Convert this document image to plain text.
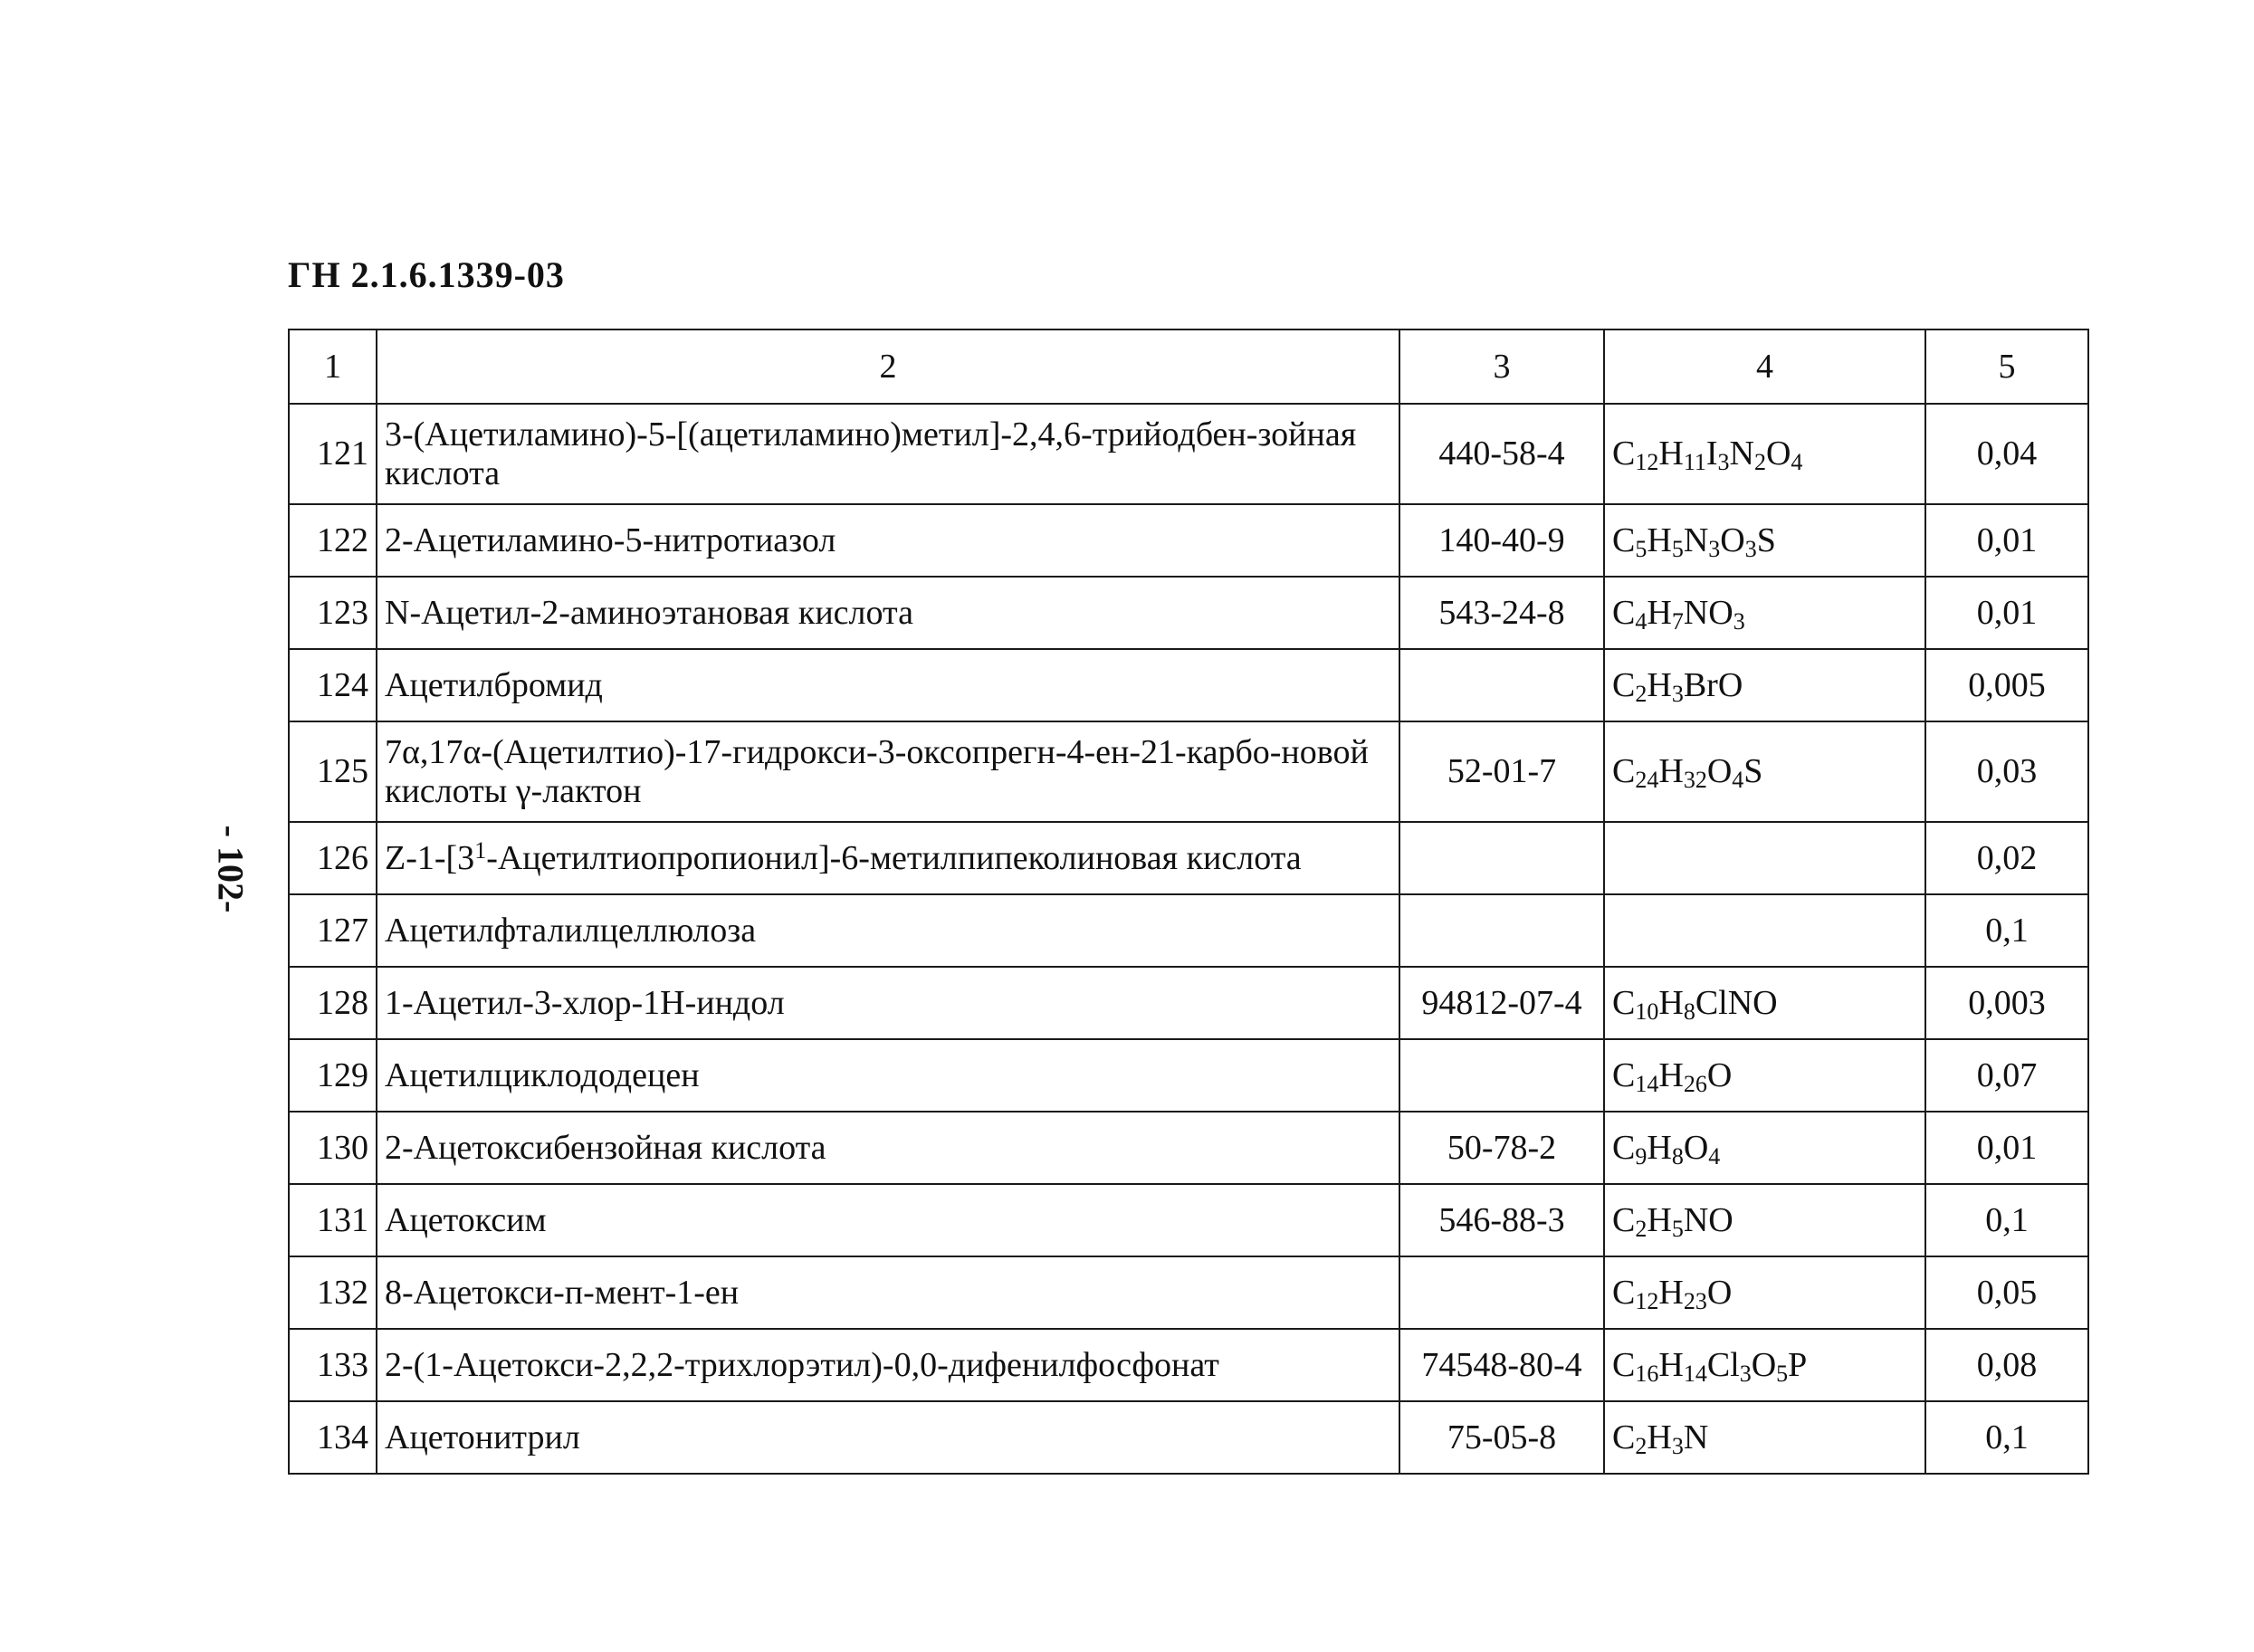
ГН 2.1.6.1339-03
- 102-
1	2	3	4	5
121	3-(Ацетиламино)-5-[(ацетиламино)метил]-2,4,6-трийодбен-зойная кислота	440-58-4	$C_{12}H_{11}I_3N_2O_4$	0,04
122	2-Ацетиламино-5-нитротиазол	140-40-9	$C_5H_5N_3O_3S$	0,01
123	N-Ацетил-2-аминоэтановая кислота	543-24-8	$C_4H_7NO_3$	0,01
124	Ацетилбромид		$C_2H_3BrO$	0,005
125	7α,17α-(Ацетилтио)-17-гидрокси-3-оксопрегн-4-ен-21-карбо-новой кислоты γ-лактон	52-01-7	$C_{24}H_{32}O_4S$	0,03
126	$Z-1-[3^1-Ацетилтиопропионил]-6$-метилпипеколиновая кислота			0,02
127	Ацетилфталилцеллюлоза			0,1
128	1-Ацетил-3-хлор-1Н-индол	94812-07-4	$C_{10}H_8ClNO$	0,003
129	Ацетилциклододецен		$C_{14}H_{26}O$	0,07
130	2-Ацетоксибензойная кислота	50-78-2	$C_9H_8O_4$	0,01
131	Ацетоксим	546-88-3	$C_2H_5NO$	0,1
132	8-Ацетокси-п-мент-1-ен		$C_{12}H_{23}O$	0,05
133	2-(1-Ацетокси-2,2,2-трихлорэтил)-0,0-дифенилфосфонат	74548-80-4	$C_{16}H_{14}Cl_3O_5P$	0,08
134	Ацетонитрил	75-05-8	$C_2H_3N$	0,1
